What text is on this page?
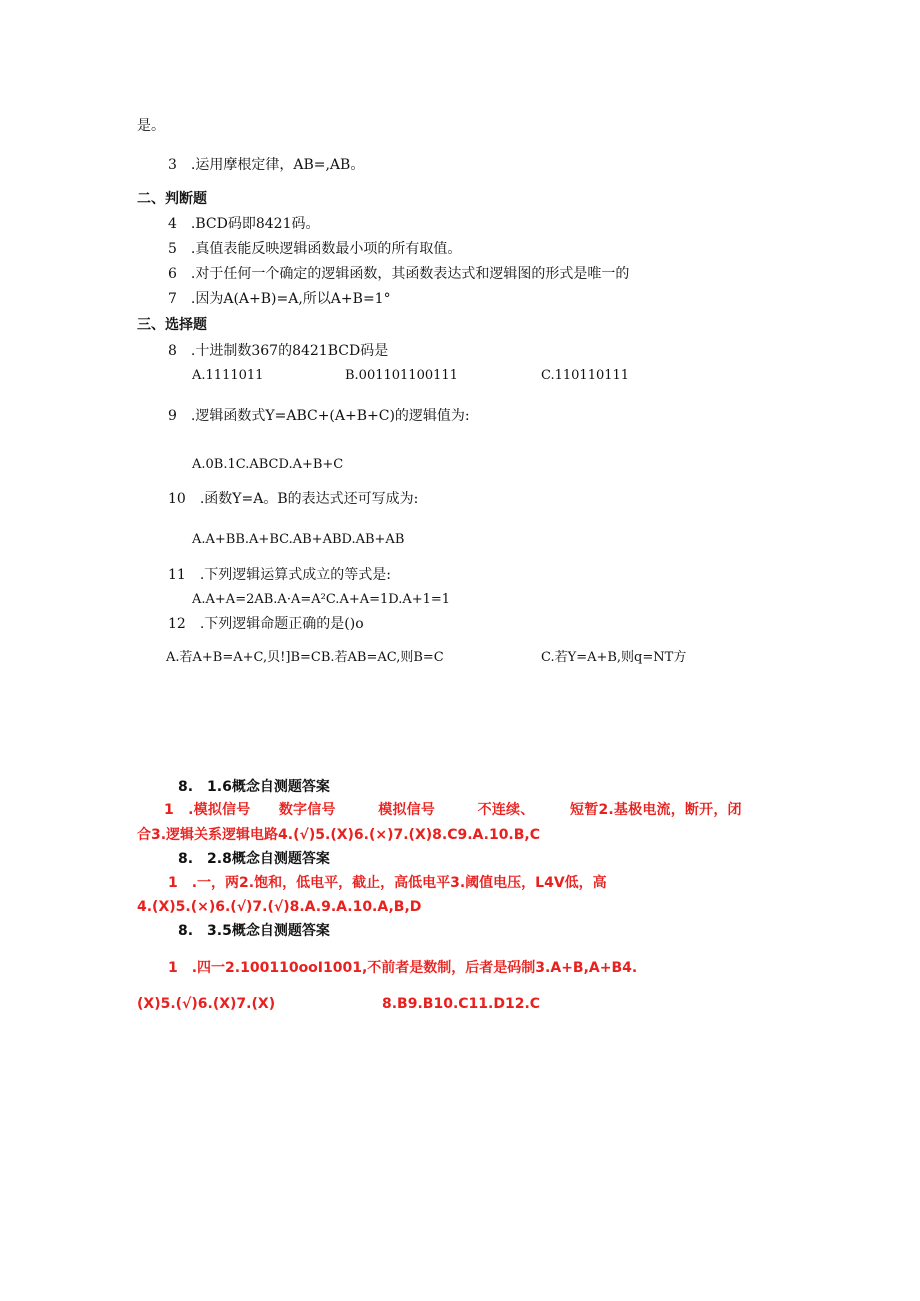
是。
3　.运用摩根定律，AB=,AB。
二、判断题
4　.BCD码即8421码。
5　.真值表能反映逻辑函数最小项的所有取值。
6　.对于任何一个确定的逻辑函数，其函数表达式和逻辑图的形式是唯一的
7　.因为A(A+B)=A,所以A+B=1°
三、选择题
8　.十进制数367的8421BCD码是
A.1111011	B.001101100111	C.110110111
9　.逻辑函数式Y=ABC+(A+B+C)的逻辑值为:
A.0B.1C.ABCD.A+B+C
10　.函数Y=A。B的表达式还可写成为:
A.A+BB.A+BC.AB+ABD.AB+AB
11　.下列逻辑运算式成立的等式是:
A.A+A=2AB.A·A=A²C.A+A=1D.A+1=1
12　.下列逻辑命题正确的是()o
A.若A+B=A+C,贝!]B=CB.若AB=AC,则B=C	C.若Y=A+B,则q=NT方
8.　1.6概念自测题答案
1　.模拟信号　　数字信号　　　模拟信号　　　不连续、　　　短暂2.基极电流，断开，闭
合3.逻辑关系逻辑电路4.(√)5.(X)6.(×)7.(X)8.C9.A.10.B,C
8.　2.8概念自测题答案
1　.一，两2.饱和，低电平，截止，高低电平3.阈值电压，L4V低，高
4.(X)5.(×)6.(√)7.(√)8.A.9.A.10.A,B,D
8.　3.5概念自测题答案
1　.四一2.100110ooI1001,不前者是数制，后者是码制3.A+B,A+B4.
(X)5.(√)6.(X)7.(X)	8.B9.B10.C11.D12.C
